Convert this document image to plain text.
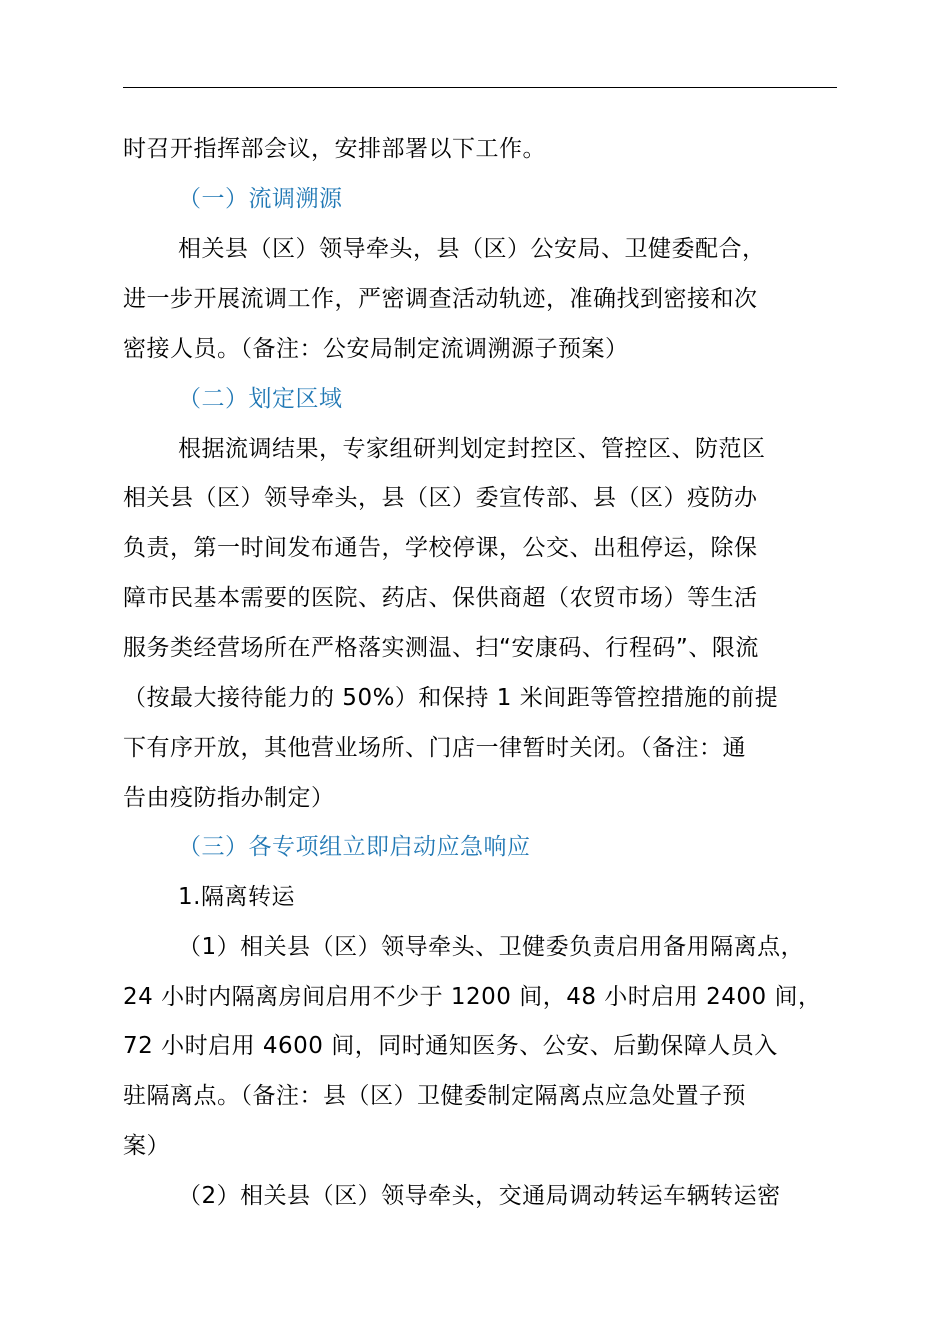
时召开指挥部会议，安排部署以下工作。
（一）流调溯源
相关县（区）领导牵头，县（区）公安局、卫健委配合，
进一步开展流调工作，严密调查活动轨迹，准确找到密接和次
密接人员。（备注：公安局制定流调溯源子预案）
（二）划定区域
根据流调结果，专家组研判划定封控区、管控区、防范区
相关县（区）领导牵头，县（区）委宣传部、县（区）疫防办
负责，第一时间发布通告，学校停课，公交、出租停运，除保
障市民基本需要的医院、药店、保供商超（农贸市场）等生活
服务类经营场所在严格落实测温、扫“安康码、行程码”、限流
（按最大接待能力的 50%）和保持 1 米间距等管控措施的前提
下有序开放，其他营业场所、门店一律暂时关闭。（备注：通
告由疫防指办制定）
（三）各专项组立即启动应急响应
1.隔离转运
（1）相关县（区）领导牵头、卫健委负责启用备用隔离点，
24 小时内隔离房间启用不少于 1200 间，48 小时启用 2400 间，
72 小时启用 4600 间，同时通知医务、公安、后勤保障人员入
驻隔离点。（备注：县（区）卫健委制定隔离点应急处置子预
案）
（2）相关县（区）领导牵头，交通局调动转运车辆转运密
